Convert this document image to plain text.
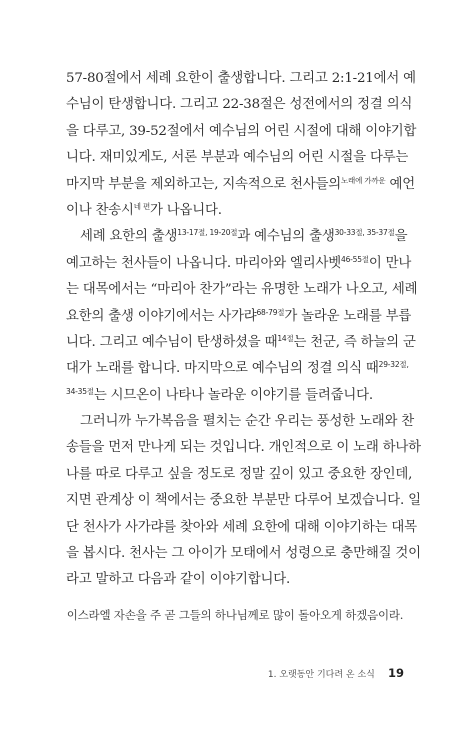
57-80절에서 세례 요한이 출생합니다. 그리고 2:1-21에서 예
수님이 탄생합니다. 그리고 22-38절은 성전에서의 정결 의식
을 다루고, 39-52절에서 예수님의 어린 시절에 대해 이야기합
니다. 재미있게도, 서론 부분과 예수님의 어린 시절을 다루는
마지막 부분을 제외하고는, 지속적으로 천사들의$^{노래에 가까운}$ 예언
이나 찬송시$^{네 편}$가 나옵니다.
세례 요한의 출생$^{13-17절, 19-20절}$과 예수님의 출생$^{30-33절, 35-37절}$을
예고하는 천사들이 나옵니다. 마리아와 엘리사벳$^{46-55절}$이 만나
는 대목에서는 “마리아 찬가”라는 유명한 노래가 나오고, 세례
요한의 출생 이야기에서는 사가랴$^{68-79절}$가 놀라운 노래를 부릅
니다. 그리고 예수님이 탄생하셨을 때$^{14절}$는 천군, 즉 하늘의 군
대가 노래를 합니다. 마지막으로 예수님의 정결 의식 때$^{29-32절,}$
$^{34-35절}$는 시므온이 나타나 놀라운 이야기를 들려줍니다.
그러니까 누가복음을 펼치는 순간 우리는 풍성한 노래와 찬
송들을 먼저 만나게 되는 것입니다. 개인적으로 이 노래 하나하
나를 따로 다루고 싶을 정도로 정말 깊이 있고 중요한 장인데,
지면 관계상 이 책에서는 중요한 부분만 다루어 보겠습니다. 일
단 천사가 사가랴를 찾아와 세례 요한에 대해 이야기하는 대목
을 봅시다. 천사는 그 아이가 모태에서 성령으로 충만해질 것이
라고 말하고 다음과 같이 이야기합니다.
이스라엘 자손을 주 곧 그들의 하나님께로 많이 돌아오게 하겠음이라.
1. 오랫동안 기다려 온 소식 19
